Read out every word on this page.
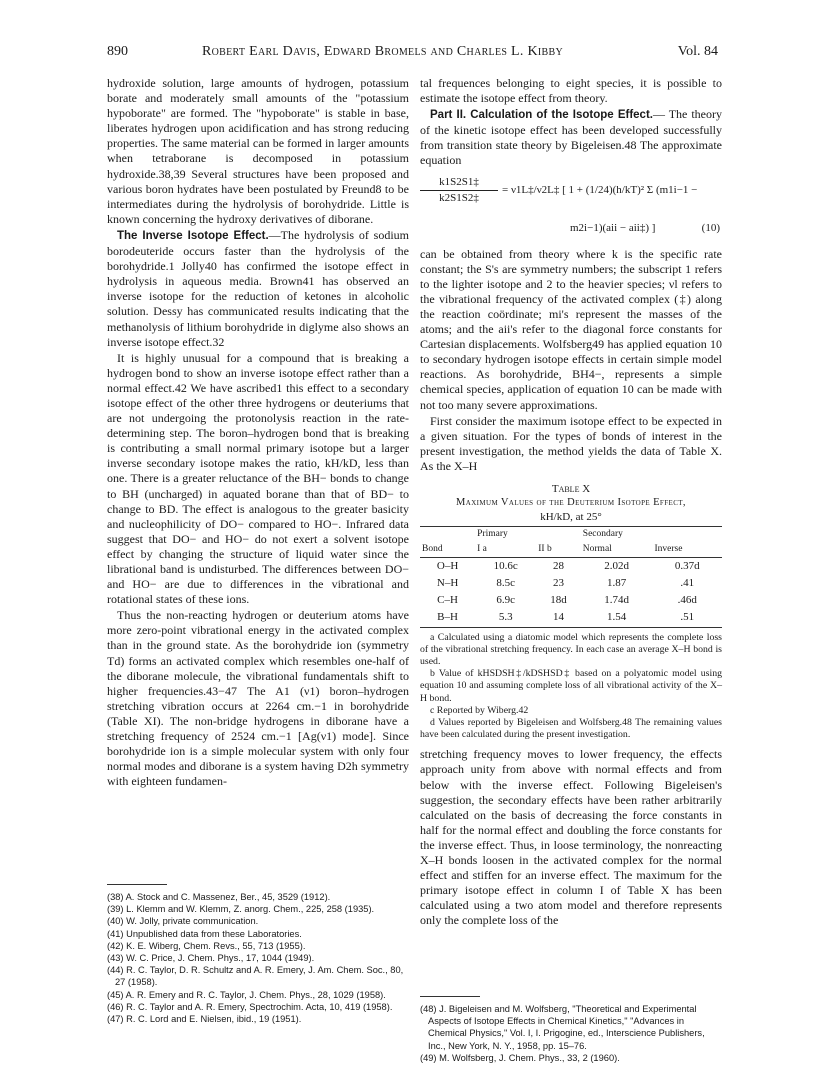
890	Robert Earl Davis, Edward Bromels and Charles L. Kibby	Vol. 84

hydroxide solution, large amounts of hydrogen, potassium borate and moderately small amounts of the "potassium hypoborate" are formed. The "hypoborate" is stable in base, liberates hydrogen upon acidification and has strong reducing properties. The same material can be formed in larger amounts when tetraborane is decomposed in potassium hydroxide.38,39 Several structures have been proposed and various boron hydrates have been postulated by Freund8 to be intermediates during the hydrolysis of borohydride. Little is known concerning the hydroxy derivatives of diborane.

The Inverse Isotope Effect.—The hydrolysis of sodium borodeuteride occurs faster than the hydrolysis of the borohydride.1 Jolly40 has confirmed the isotope effect in hydrolysis in aqueous media. Brown41 has observed an inverse isotope for the reduction of ketones in alcoholic solution. Dessy has communicated results indicating that the methanolysis of lithium borohydride in diglyme also shows an inverse isotope effect.32

It is highly unusual for a compound that is breaking a hydrogen bond to show an inverse isotope effect rather than a normal effect.42 We have ascribed1 this effect to a secondary isotope effect of the other three hydrogens or deuteriums that are not undergoing the protonolysis reaction in the rate-determining step. The boron–hydrogen bond that is breaking is contributing a small normal primary isotope but a larger inverse secondary isotope makes the ratio, kH/kD, less than one. There is a greater reluctance of the BH− bonds to change to BH (uncharged) in aquated borane than that of BD− to change to BD. The effect is analogous to the greater basicity and nucleophilicity of DO− compared to HO−. Infrared data suggest that DO− and HO− do not exert a solvent isotope effect by changing the structure of liquid water since the librational band is undisturbed. The differences between DO− and HO− are due to differences in the vibrational and rotational states of these ions.

Thus the non-reacting hydrogen or deuterium atoms have more zero-point vibrational energy in the activated complex than in the ground state. As the borohydride ion (symmetry Td) forms an activated complex which resembles one-half of the diborane molecule, the vibrational fundamentals shift to higher frequencies.43−47 The A1 (ν1) boron–hydrogen stretching vibration occurs at 2264 cm.−1 in borohydride (Table XI). The non-bridge hydrogens in diborane have a stretching frequency of 2524 cm.−1 [Ag(ν1) mode]. Since borohydride ion is a simple molecular system with only four normal modes and diborane is a system having D2h symmetry with eighteen fundamen-

(38) A. Stock and C. Massenez, Ber., 45, 3529 (1912).

(39) L. Klemm and W. Klemm, Z. anorg. Chem., 225, 258 (1935).

(40) W. Jolly, private communication.

(41) Unpublished data from these Laboratories.

(42) K. E. Wiberg, Chem. Revs., 55, 713 (1955).

(43) W. C. Price, J. Chem. Phys., 17, 1044 (1949).

(44) R. C. Taylor, D. R. Schultz and A. R. Emery, J. Am. Chem. Soc., 80, 27 (1958).

(45) A. R. Emery and R. C. Taylor, J. Chem. Phys., 28, 1029 (1958).

(46) R. C. Taylor and A. R. Emery, Spectrochim. Acta, 10, 419 (1958).

(47) R. C. Lord and E. Nielsen, ibid., 19 (1951).

tal frequences belonging to eight species, it is possible to estimate the isotope effect from theory.

Part II. Calculation of the Isotope Effect.— The theory of the kinetic isotope effect has been developed successfully from transition state theory by Bigeleisen.48 The approximate equation

$\frac{k1S2S1\ddagger}{k2S1S2\ddagger}$ = ν1L‡/ν2L‡ [ 1 + (1/24)(h/kT)² Σ (m1i−1 −
m2i−1)(aii − aii‡) ]	(10)

can be obtained from theory where k is the specific rate constant; the S's are symmetry numbers; the subscript 1 refers to the lighter isotope and 2 to the heavier species; νl refers to the vibrational frequency of the activated complex (‡) along the reaction coördinate; mi's represent the masses of the atoms; and the aii's refer to the diagonal force constants for Cartesian displacements. Wolfsberg49 has applied equation 10 to secondary hydrogen isotope effects in certain simple model reactions. As borohydride, BH4−, represents a simple chemical species, application of equation 10 can be made with not too many severe approximations.

First consider the maximum isotope effect to be expected in a given situation. For the types of bonds of interest in the present investigation, the method yields the data of Table X. As the X–H

Table X
Maximum Values of the Deuterium Isotope Effect,
kH/kD, at 25°

	Primary		Secondary	
Bond	I a	II b	Normal	Inverse

O–H	10.6c	28	2.02d	0.37d
N–H	8.5c	23	1.87	.41
C–H	6.9c	18d	1.74d	.46d
B–H	5.3	14	1.54	.51

a Calculated using a diatomic model which represents the complete loss of the vibrational stretching frequency. In each case an average X–H bond is used.

b Value of kHSDSH‡/kDSHSD‡ based on a polyatomic model using equation 10 and assuming complete loss of all vibrational activity of the X–H bond.

c Reported by Wiberg.42

d Values reported by Bigeleisen and Wolfsberg.48 The remaining values have been calculated during the present investigation.

stretching frequency moves to lower frequency, the effects approach unity from above with normal effects and from below with the inverse effect. Following Bigeleisen's suggestion, the secondary effects have been rather arbitrarily calculated on the basis of decreasing the force constants in half for the normal effect and doubling the force constants for the inverse effect. Thus, in loose terminology, the nonreacting X–H bonds loosen in the activated complex for the normal effect and stiffen for an inverse effect. The maximum for the primary isotope effect in column I of Table X has been calculated using a two atom model and therefore represents only the complete loss of the

(48) J. Bigeleisen and M. Wolfsberg, "Theoretical and Experimental Aspects of Isotope Effects in Chemical Kinetics," "Advances in Chemical Physics," Vol. I, I. Prigogine, ed., Interscience Publishers, Inc., New York, N. Y., 1958, pp. 15–76.

(49) M. Wolfsberg, J. Chem. Phys., 33, 2 (1960).
